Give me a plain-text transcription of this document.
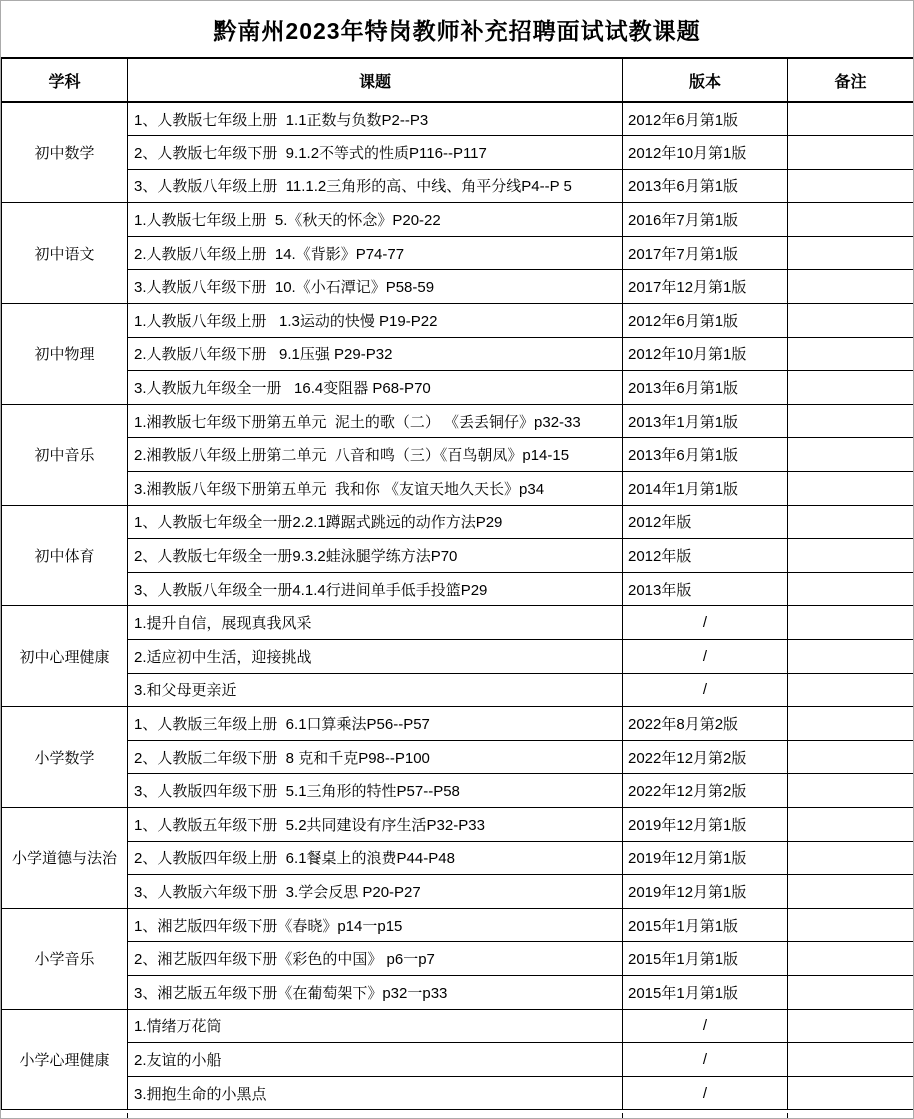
黔南州2023年特岗教师补充招聘面试试教课题
学科	课题	版本	备注
初中数学	1、人教版七年级上册  1.1正数与负数P2--P3	2012年6月第1版	
	2、人教版七年级下册  9.1.2不等式的性质P116--P117	2012年10月第1版	
	3、人教版八年级上册  11.1.2三角形的高、中线、角平分线P4--P 5	2013年6月第1版	
初中语文	1.人教版七年级上册  5.《秋天的怀念》P20-22	2016年7月第1版	
	2.人教版八年级上册  14.《背影》P74-77	2017年7月第1版	
	3.人教版八年级下册  10.《小石潭记》P58-59	2017年12月第1版	
初中物理	1.人教版八年级上册   1.3运动的快慢 P19-P22	2012年6月第1版	
	2.人教版八年级下册   9.1压强 P29-P32	2012年10月第1版	
	3.人教版九年级全一册   16.4变阻器 P68-P70	2013年6月第1版	
初中音乐	1.湘教版七年级下册第五单元  泥土的歌（二） 《丢丢铜仔》p32-33	2013年1月第1版	
	2.湘教版八年级上册第二单元  八音和鸣（三）《百鸟朝凤》p14-15	2013年6月第1版	
	3.湘教版八年级下册第五单元  我和你 《友谊天地久天长》p34	2014年1月第1版	
初中体育	1、人教版七年级全一册2.2.1蹲踞式跳远的动作方法P29	2012年版	
	2、人教版七年级全一册9.3.2蛙泳腿学练方法P70	2012年版	
	3、人教版八年级全一册4.1.4行进间单手低手投篮P29	2013年版	
初中心理健康	1.提升自信，展现真我风采	/	
	2.适应初中生活，迎接挑战	/	
	3.和父母更亲近	/	
小学数学	1、人教版三年级上册  6.1口算乘法P56--P57	2022年8月第2版	
	2、人教版二年级下册  8 克和千克P98--P100	2022年12月第2版	
	3、人教版四年级下册  5.1三角形的特性P57--P58	2022年12月第2版	
小学道德与法治	1、人教版五年级下册  5.2共同建设有序生活P32-P33	2019年12月第1版	
	2、人教版四年级上册  6.1餐桌上的浪费P44-P48	2019年12月第1版	
	3、人教版六年级下册  3.学会反思 P20-P27	2019年12月第1版	
小学音乐	1、湘艺版四年级下册《春晓》p14一p15	2015年1月第1版	
	2、湘艺版四年级下册《彩色的中国》 p6一p7	2015年1月第1版	
	3、湘艺版五年级下册《在葡萄架下》p32一p33	2015年1月第1版	
小学心理健康	1.情绪万花筒	/	
	2.友谊的小船	/	
	3.拥抱生命的小黑点	/	
